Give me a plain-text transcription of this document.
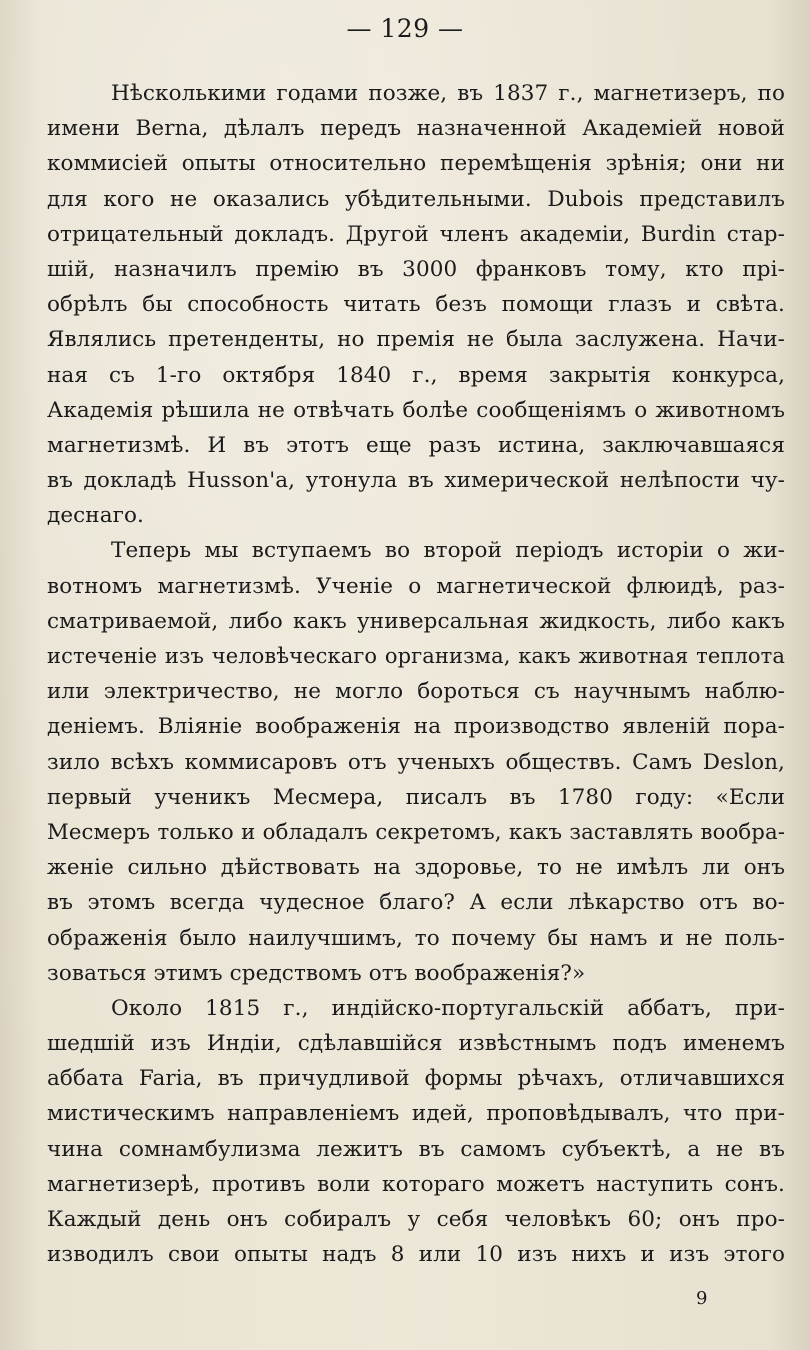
— 129 —
Нѣсколькими годами позже, въ 1837 г., магнетизеръ, по
имени Berna, дѣлалъ передъ назначенной Академіей новой
коммисіей опыты относительно перемѣщенія зрѣнія; они ни
для кого не оказались убѣдительными. Dubois представилъ
отрицательный докладъ. Другой членъ академіи, Burdin стар-
шій, назначилъ премію въ 3000 франковъ тому, кто прі-
обрѣлъ бы способность читать безъ помощи глазъ и свѣта.
Являлись претенденты, но премія не была заслужена. Начи-
ная съ 1-го октября 1840 г., время закрытія конкурса,
Академія рѣшила не отвѣчать болѣе сообщеніямъ о животномъ
магнетизмѣ. И въ этотъ еще разъ истина, заключавшаяся
въ докладѣ Husson'а, утонула въ химерической нелѣпости чу-
деснаго.
Теперь мы вступаемъ во второй періодъ исторіи о жи-
вотномъ магнетизмѣ. Ученіе о магнетической флюидѣ, раз-
сматриваемой, либо какъ универсальная жидкость, либо какъ
истеченіе изъ человѣческаго организма, какъ животная теплота
или электричество, не могло бороться съ научнымъ наблю-
деніемъ. Вліяніе воображенія на производство явленій пора-
зило всѣхъ коммисаровъ отъ ученыхъ обществъ. Самъ Deslon,
первый ученикъ Месмера, писалъ въ 1780 году: «Если
Месмеръ только и обладалъ секретомъ, какъ заставлять вообра-
женіе сильно дѣйствовать на здоровье, то не имѣлъ ли онъ
въ этомъ всегда чудесное благо? А если лѣкарство отъ во-
ображенія было наилучшимъ, то почему бы намъ и не поль-
зоваться этимъ средствомъ отъ воображенія?»
Около 1815 г., индійско-португальскій аббатъ, при-
шедшій изъ Индіи, сдѣлавшійся извѣстнымъ подъ именемъ
аббата Faria, въ причудливой формы рѣчахъ, отличавшихся
мистическимъ направленіемъ идей, проповѣдывалъ, что при-
чина сомнамбулизма лежитъ въ самомъ субъектѣ, а не въ
магнетизерѣ, противъ воли котораго можетъ наступить сонъ.
Каждый день онъ собиралъ у себя человѣкъ 60; онъ про-
изводилъ свои опыты надъ 8 или 10 изъ нихъ и изъ этого
9
